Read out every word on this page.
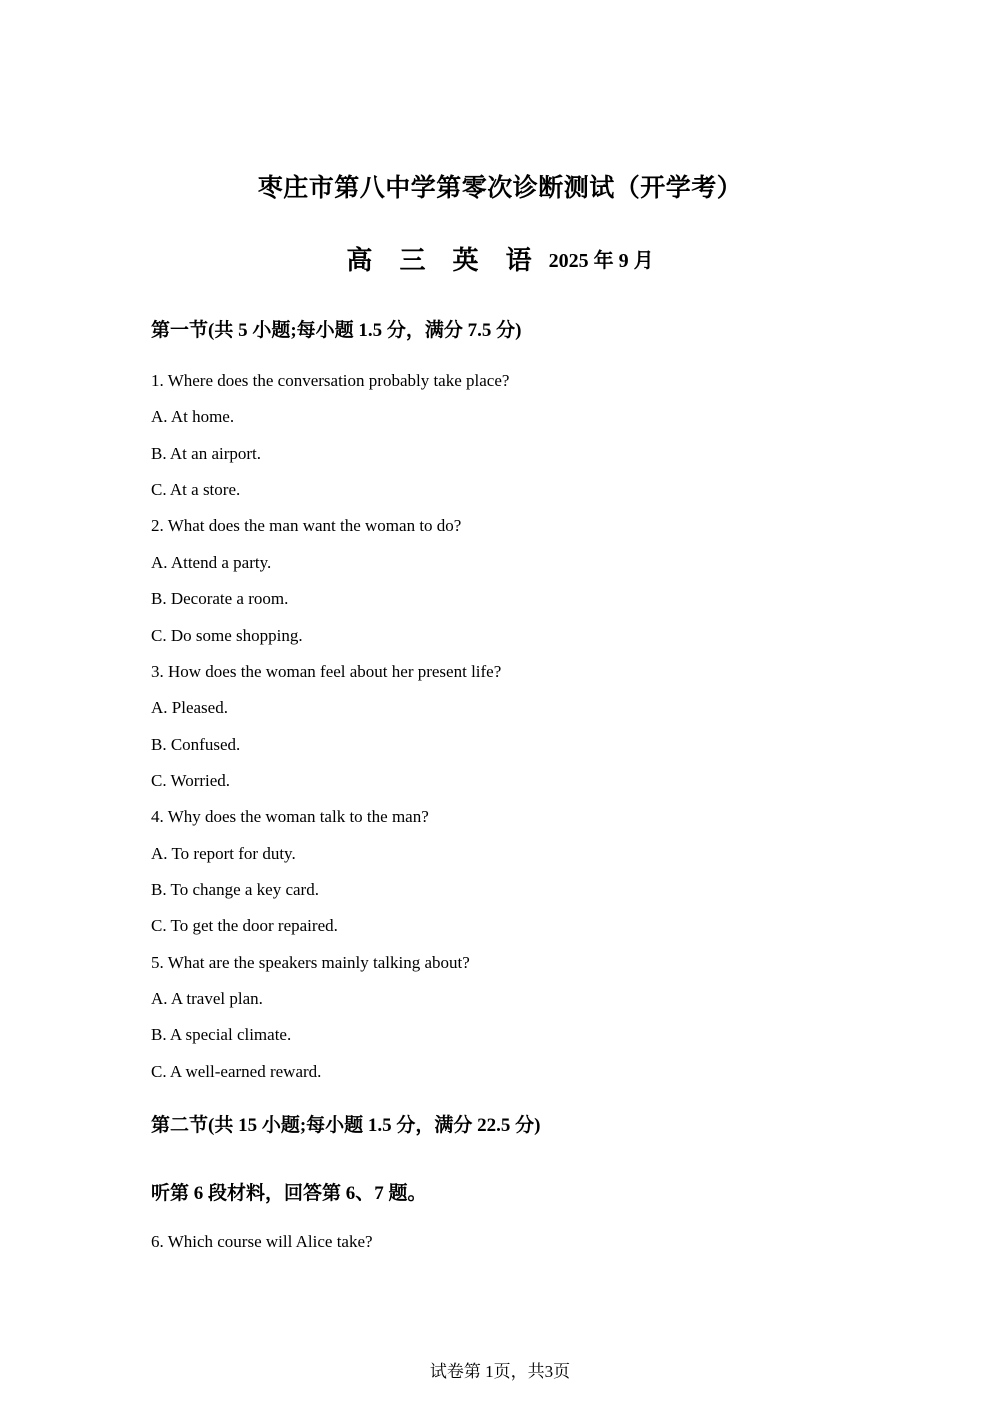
枣庄市第八中学第零次诊断测试（开学考）
高 三 英 语 2025 年 9 月
第一节(共 5 小题;每小题 1.5 分，满分 7.5 分)

1. Where does the conversation probably take place?

A. At home.

B. At an airport.

C. At a store.

2. What does the man want the woman to do?

A. Attend a party.

B. Decorate a room.

C. Do some shopping.

3. How does the woman feel about her present life?

A. Pleased.

B. Confused.

C. Worried.

4. Why does the woman talk to the man?

A. To report for duty.

B. To change a key card.

C. To get the door repaired.

5. What are the speakers mainly talking about?

A. A travel plan.

B. A special climate.

C. A well-earned reward.

第二节(共 15 小题;每小题 1.5 分，满分 22.5 分)
听第 6 段材料，回答第 6、7 题。

6. Which course will Alice take?

试卷第 1页，共3页
